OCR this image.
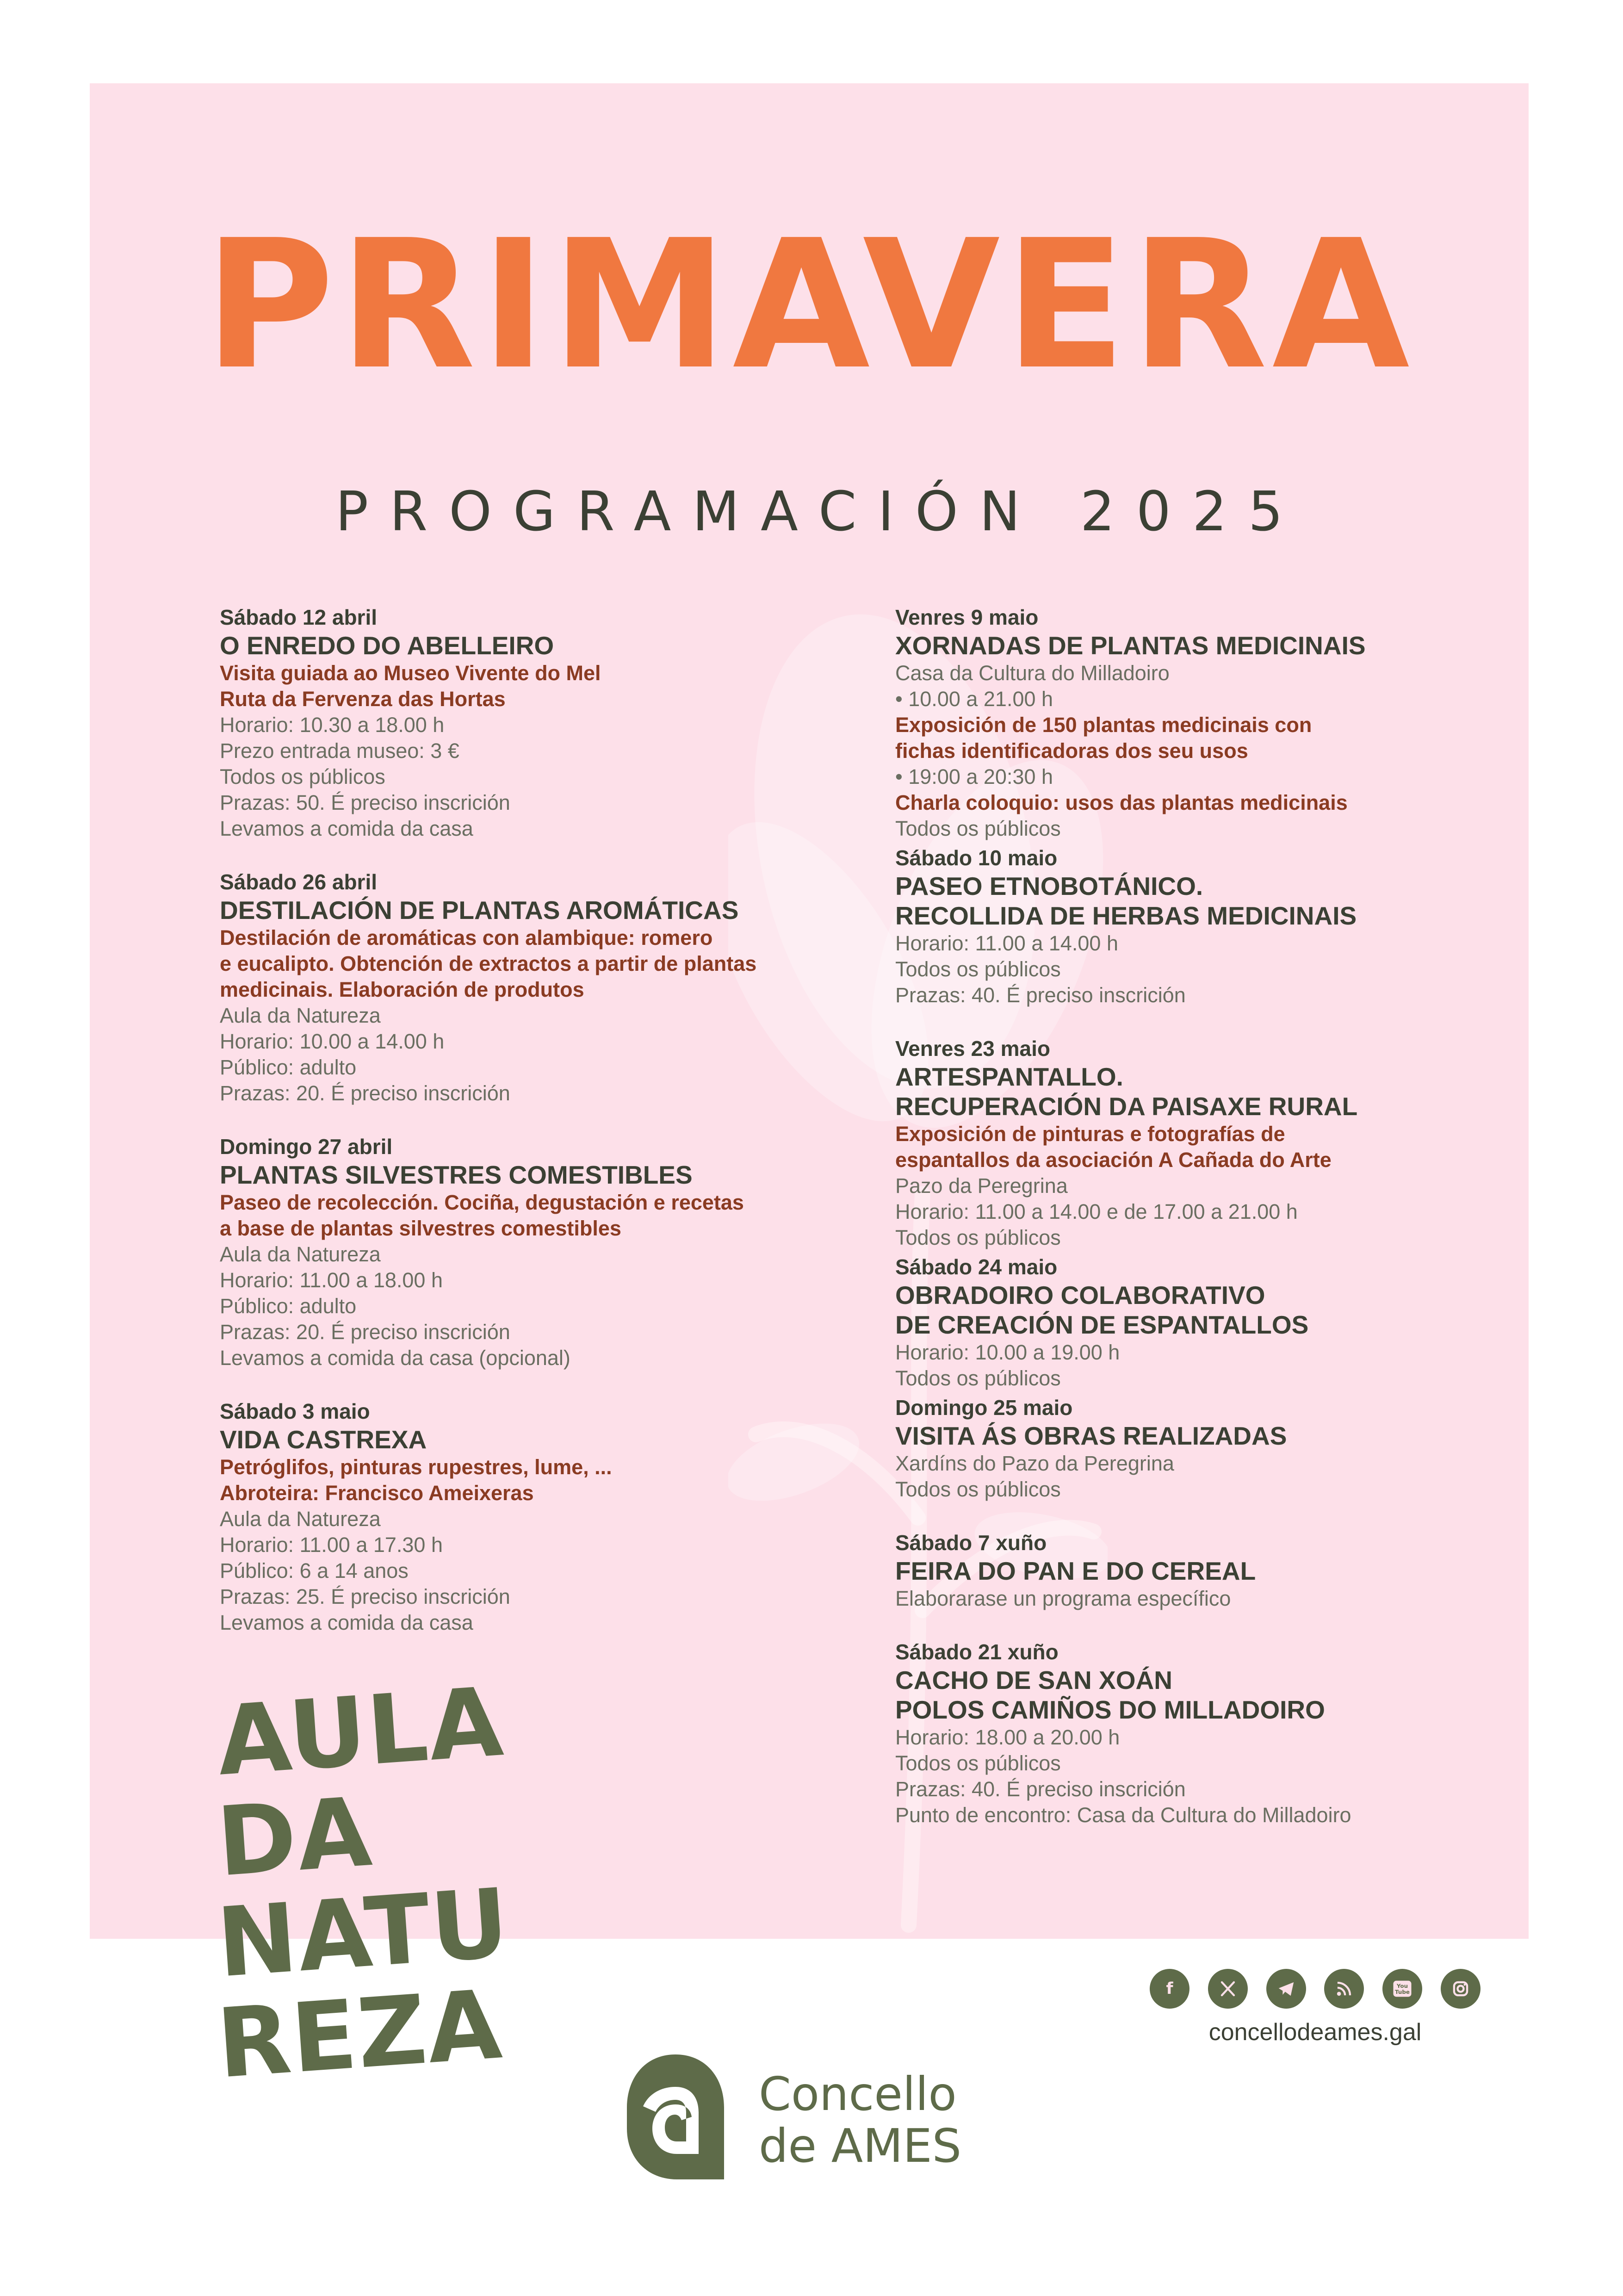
PRIMAVERA
PROGRAMACIÓN 2025
Sábado 12 abril
O ENREDO DO ABELLEIRO
Visita guiada ao Museo Vivente do Mel
Ruta da Fervenza das Hortas
Horario: 10.30 a 18.00 h
Prezo entrada museo: 3 €
Todos os públicos
Prazas: 50. É preciso inscrición
Levamos a comida da casa
Sábado 26 abril
DESTILACIÓN DE PLANTAS AROMÁTICAS
Destilación de aromáticas con alambique: romero
e eucalipto. Obtención de extractos a partir de plantas
medicinais. Elaboración de produtos
Aula da Natureza
Horario: 10.00 a 14.00 h
Público: adulto
Prazas: 20. É preciso inscrición
Domingo 27 abril
PLANTAS SILVESTRES COMESTIBLES
Paseo de recolección. Cociña, degustación e recetas
a base de plantas silvestres comestibles
Aula da Natureza
Horario: 11.00 a 18.00 h
Público: adulto
Prazas: 20. É preciso inscrición
Levamos a comida da casa (opcional)
Sábado 3 maio
VIDA CASTREXA
Petróglifos, pinturas rupestres, lume, ...
Abroteira: Francisco Ameixeras
Aula da Natureza
Horario: 11.00 a 17.30 h
Público: 6 a 14 anos
Prazas: 25. É preciso inscrición
Levamos a comida da casa
Venres 9 maio
XORNADAS DE PLANTAS MEDICINAIS
Casa da Cultura do Milladoiro
• 10.00 a 21.00 h
Exposición de 150 plantas medicinais con
fichas identificadoras dos seu usos
• 19:00 a 20:30 h
Charla coloquio: usos das plantas medicinais
Todos os públicos
Sábado 10 maio
PASEO ETNOBOTÁNICO.
RECOLLIDA DE HERBAS MEDICINAIS
Horario: 11.00 a 14.00 h
Todos os públicos
Prazas: 40. É preciso inscrición
Venres 23 maio
ARTESPANTALLO.
RECUPERACIÓN DA PAISAXE RURAL
Exposición de pinturas e fotografías de
espantallos da asociación A Cañada do Arte
Pazo da Peregrina
Horario: 11.00 a 14.00 e de 17.00 a 21.00 h
Todos os públicos
Sábado 24 maio
OBRADOIRO COLABORATIVO
DE CREACIÓN DE ESPANTALLOS
Horario: 10.00 a 19.00 h
Todos os públicos
Domingo 25 maio
VISITA ÁS OBRAS REALIZADAS
Xardíns do Pazo da Peregrina
Todos os públicos
Sábado 7 xuño
FEIRA DO PAN E DO CEREAL
Elaborarase un programa específico
Sábado 21 xuño
CACHO DE SAN XOÁN
POLOS CAMIÑOS DO MILLADOIRO
Horario: 18.00 a 20.00 h
Todos os públicos
Prazas: 40. É preciso inscrición
Punto de encontro: Casa da Cultura do Milladoiro
AULA
DA
NATU
REZA	f	You
Tube
concellodeames.gal
Concello
de AMES
